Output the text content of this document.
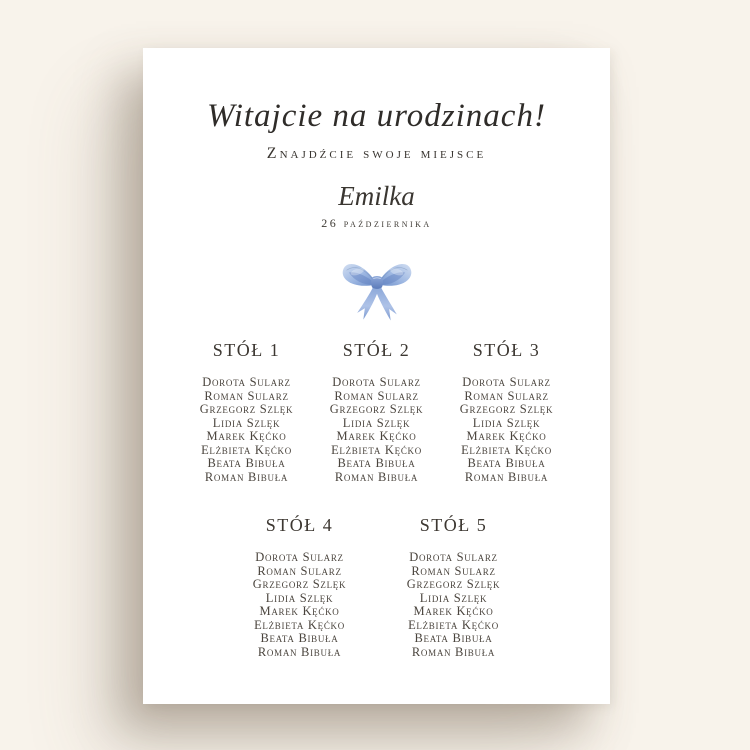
Witajcie na urodzinach!
Znajdźcie swoje miejsce
Emilka
26 października
STÓŁ 1
Dorota Sularz
Roman Sularz
Grzegorz Szlęk
Lidia Szlęk
Marek Kęćko
Elżbieta Kęćko
Beata Bibuła
Roman Bibuła
STÓŁ 2
Dorota Sularz
Roman Sularz
Grzegorz Szlęk
Lidia Szlęk
Marek Kęćko
Elżbieta Kęćko
Beata Bibuła
Roman Bibuła
STÓŁ 3
Dorota Sularz
Roman Sularz
Grzegorz Szlęk
Lidia Szlęk
Marek Kęćko
Elżbieta Kęćko
Beata Bibuła
Roman Bibuła
STÓŁ 4
Dorota Sularz
Roman Sularz
Grzegorz Szlęk
Lidia Szlęk
Marek Kęćko
Elżbieta Kęćko
Beata Bibuła
Roman Bibuła
STÓŁ 5
Dorota Sularz
Roman Sularz
Grzegorz Szlęk
Lidia Szlęk
Marek Kęćko
Elżbieta Kęćko
Beata Bibuła
Roman Bibuła
